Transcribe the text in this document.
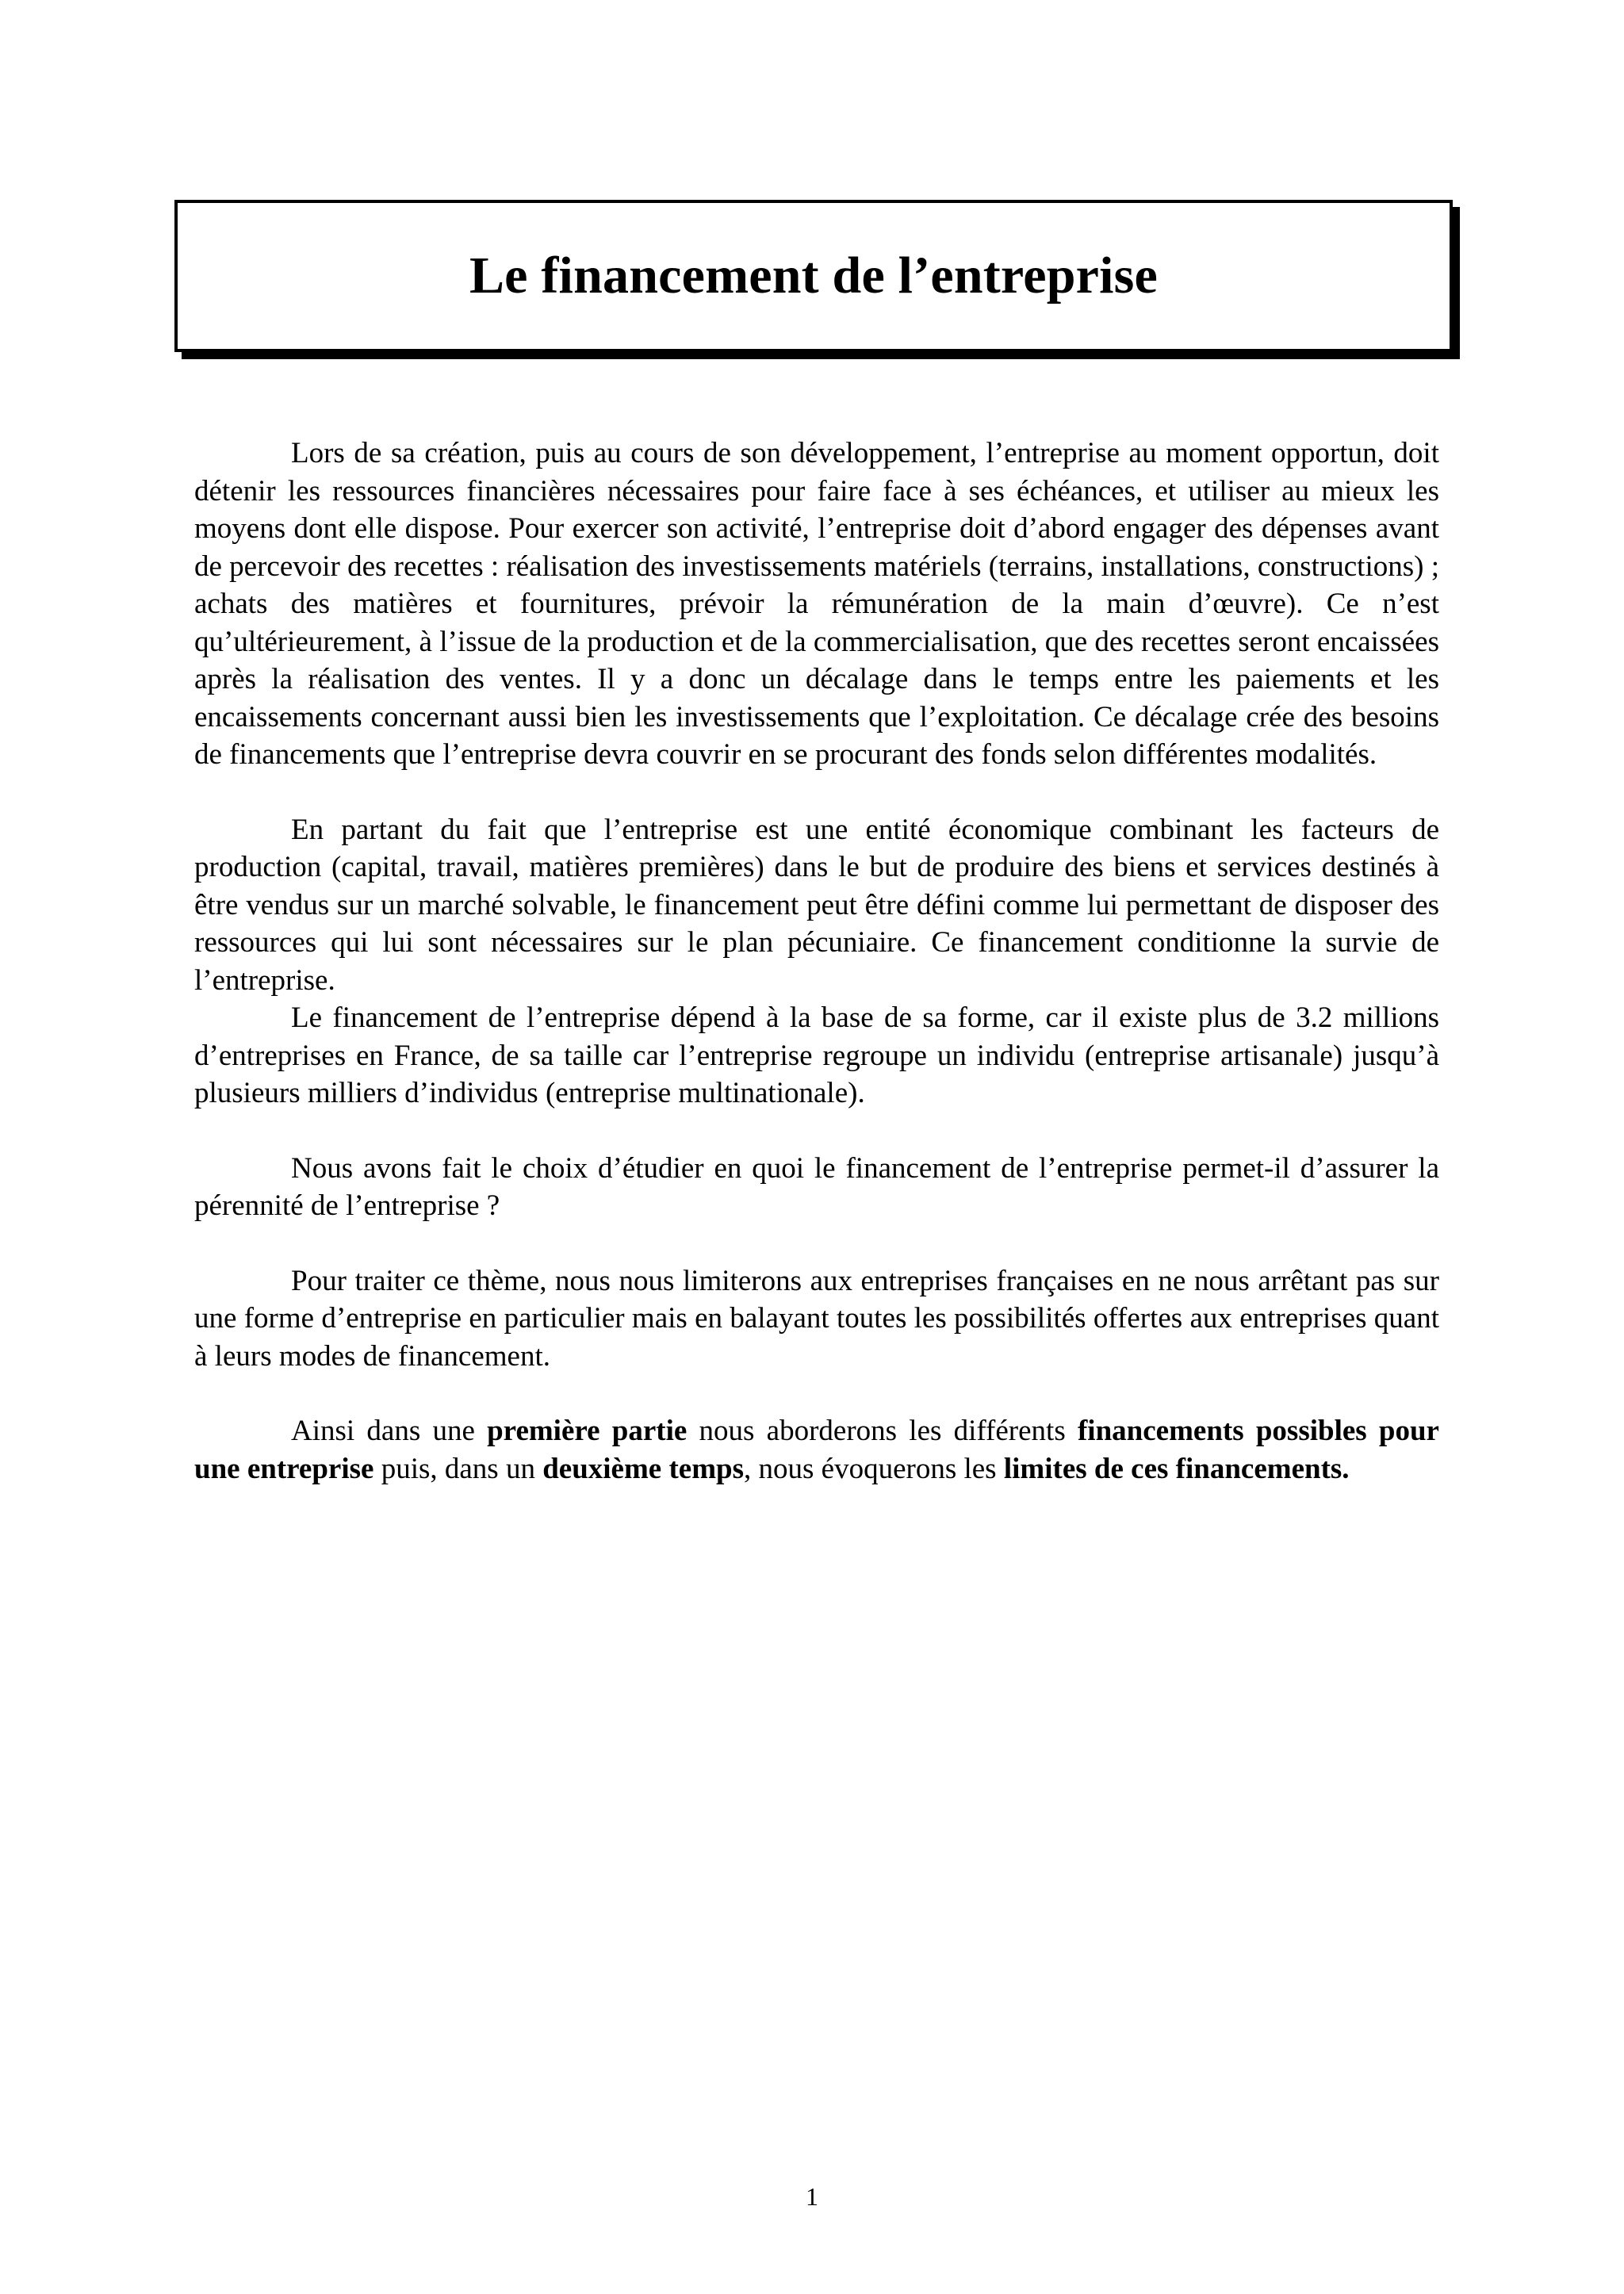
Le financement de l’entreprise

Lors de sa création, puis au cours de son développement, l’entreprise au moment opportun, doit détenir les ressources financières nécessaires pour faire face à ses échéances, et utiliser au mieux les moyens dont elle dispose. Pour exercer son activité, l’entreprise doit d’abord engager des dépenses avant de percevoir des recettes : réalisation des investissements matériels (terrains, installations, constructions) ; achats des matières et fournitures, prévoir la rémunération de la main d’œuvre). Ce n’est qu’ultérieurement, à l’issue de la production et de la commercialisation, que des recettes seront encaissées après la réalisation des ventes. Il y a donc un décalage dans le temps entre les paiements et les encaissements concernant aussi bien les investissements que l’exploitation. Ce décalage crée des besoins de financements que l’entreprise devra couvrir en se procurant des fonds selon différentes modalités.

En partant du fait que l’entreprise est une entité économique combinant les facteurs de production (capital, travail, matières premières) dans le but de produire des biens et services destinés à être vendus sur un marché solvable, le financement peut être défini comme lui permettant de disposer des ressources qui lui sont nécessaires sur le plan pécuniaire. Ce financement conditionne la survie de l’entreprise.

Le financement de l’entreprise dépend à la base de sa forme, car il existe plus de 3.2 millions d’entreprises en France, de sa taille car l’entreprise regroupe un individu (entreprise artisanale) jusqu’à plusieurs milliers d’individus (entreprise multinationale).

Nous avons fait le choix d’étudier en quoi le financement de l’entreprise permet-il d’assurer la pérennité de l’entreprise ?

Pour traiter ce thème, nous nous limiterons aux entreprises françaises en ne nous arrêtant pas sur une forme d’entreprise en particulier mais en balayant toutes les possibilités offertes aux entreprises quant à leurs modes de financement.

Ainsi dans une première partie nous aborderons les différents financements possibles pour une entreprise puis, dans un deuxième temps, nous évoquerons les limites de ces financements.

1
